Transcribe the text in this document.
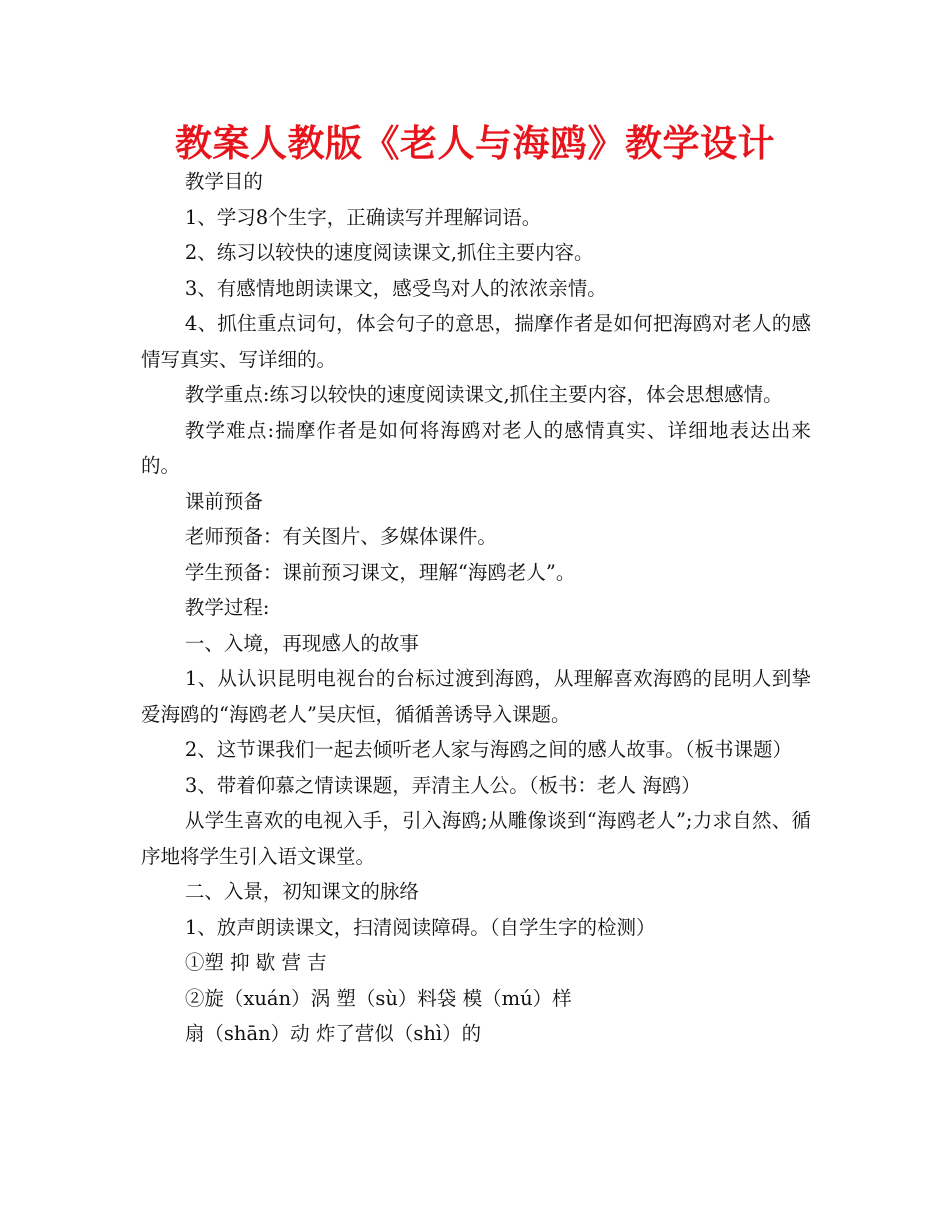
教案人教版《老人与海鸥》教学设计

教学目的

1、学习8个生字，正确读写并理解词语。

2、练习以较快的速度阅读课文,抓住主要内容。

3、有感情地朗读课文，感受鸟对人的浓浓亲情。

4、抓住重点词句，体会句子的意思，揣摩作者是如何把海鸥对老人的感情写真实、写详细的。

教学重点:练习以较快的速度阅读课文,抓住主要内容，体会思想感情。

教学难点:揣摩作者是如何将海鸥对老人的感情真实、详细地表达出来的。

课前预备

老师预备：有关图片、多媒体课件。

学生预备：课前预习课文，理解“海鸥老人”。

教学过程:

一、入境，再现感人的故事

1、从认识昆明电视台的台标过渡到海鸥，从理解喜欢海鸥的昆明人到挚爱海鸥的“海鸥老人”吴庆恒，循循善诱导入课题。

2、这节课我们一起去倾听老人家与海鸥之间的感人故事。（板书课题）

3、带着仰慕之情读课题，弄清主人公。（板书：老人 海鸥）

从学生喜欢的电视入手，引入海鸥;从雕像谈到“海鸥老人”;力求自然、循序地将学生引入语文课堂。

二、入景，初知课文的脉络

1、放声朗读课文，扫清阅读障碍。（自学生字的检测）

①塑 抑 歇 营 吉

②旋（xuán）涡 塑（sù）料袋 模（mú）样

扇（shān）动 炸了营似（shì）的
